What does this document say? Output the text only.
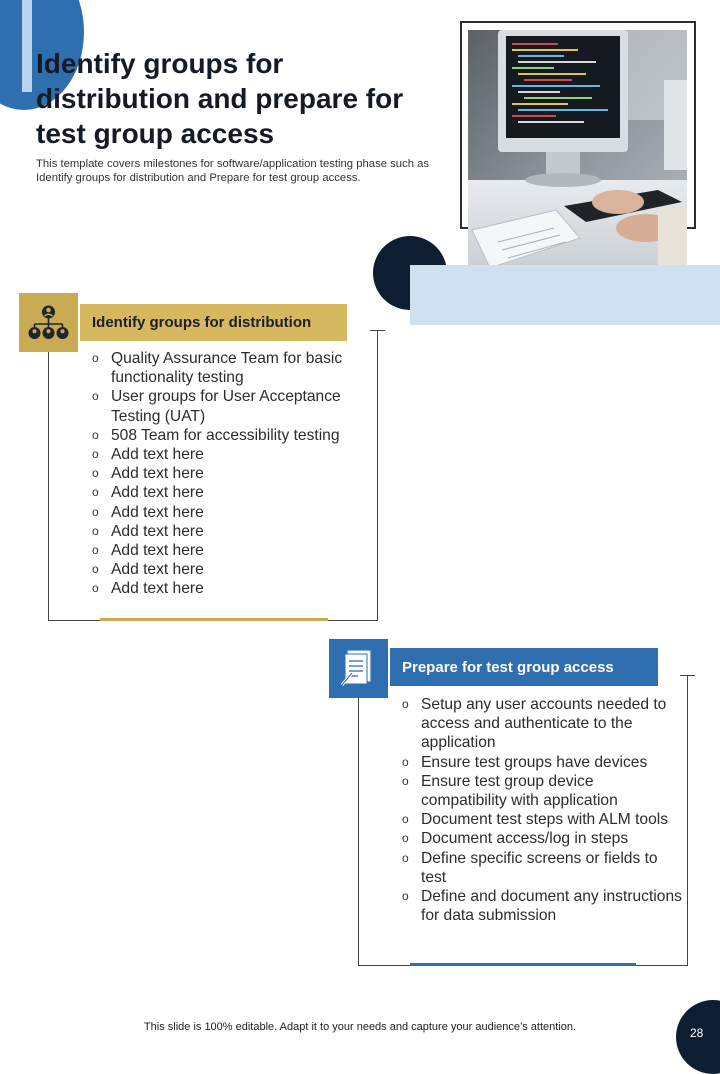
Identify groups for distribution and prepare for test group access

This template covers milestones for software/application testing phase such as Identify groups for distribution and Prepare for test group access.

Identify groups for distribution
o Quality Assurance Team for basic functionality testing
o User groups for User Acceptance Testing (UAT)
o 508 Team for accessibility testing
o Add text here
o Add text here
o Add text here
o Add text here
o Add text here
o Add text here
o Add text here
o Add text here
Prepare for test group access
o Setup any user accounts needed to access and authenticate to the application
o Ensure test groups have devices
o Ensure test group device compatibility with application
o Document test steps with ALM tools
o Document access/log in steps
o Define specific screens or fields to test
o Define and document any instructions for data submission
This slide is 100% editable. Adapt it to your needs and capture your audience’s attention.	28
